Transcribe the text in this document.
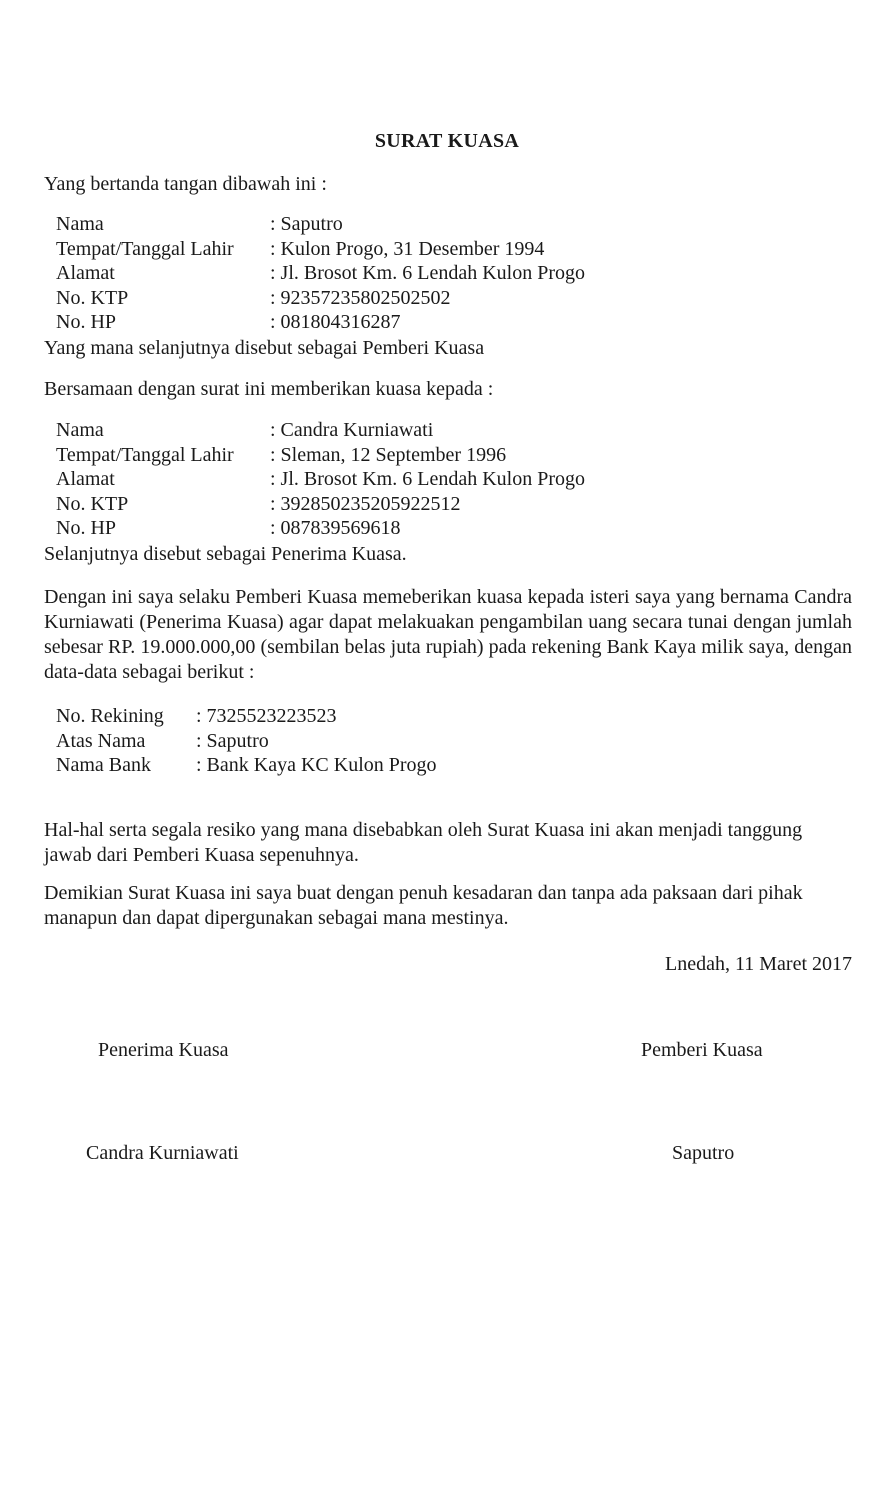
SURAT KUASA

Yang bertanda tangan dibawah ini :

Nama	: Saputro
Tempat/Tanggal Lahir	: Kulon Progo, 31 Desember 1994
Alamat	: Jl. Brosot Km. 6 Lendah Kulon Progo
No. KTP	: 92357235802502502
No. HP	: 081804316287

Yang mana selanjutnya disebut sebagai Pemberi Kuasa

Bersamaan dengan surat ini memberikan kuasa kepada :

Nama	: Candra Kurniawati
Tempat/Tanggal Lahir	: Sleman, 12 September 1996
Alamat	: Jl. Brosot Km. 6 Lendah Kulon Progo
No. KTP	: 392850235205922512
No. HP	: 087839569618

Selanjutnya disebut sebagai Penerima Kuasa.

Dengan ini saya selaku Pemberi Kuasa memeberikan kuasa kepada isteri saya yang bernama Candra Kurniawati (Penerima Kuasa) agar dapat melakuakan pengambilan uang secara tunai dengan jumlah sebesar RP. 19.000.000,00 (sembilan belas juta rupiah) pada rekening Bank Kaya milik saya, dengan data-data sebagai berikut :

No. Rekining	: 7325523223523
Atas Nama	: Saputro
Nama Bank	: Bank Kaya KC Kulon Progo

Hal-hal serta segala resiko yang mana disebabkan oleh Surat Kuasa ini akan menjadi tanggung jawab dari Pemberi Kuasa sepenuhnya.

Demikian Surat Kuasa ini saya buat dengan penuh kesadaran dan tanpa ada paksaan dari pihak manapun dan dapat dipergunakan sebagai mana mestinya.

Lnedah, 11 Maret 2017
Penerima Kuasa	Pemberi Kuasa
Candra Kurniawati	Saputro
